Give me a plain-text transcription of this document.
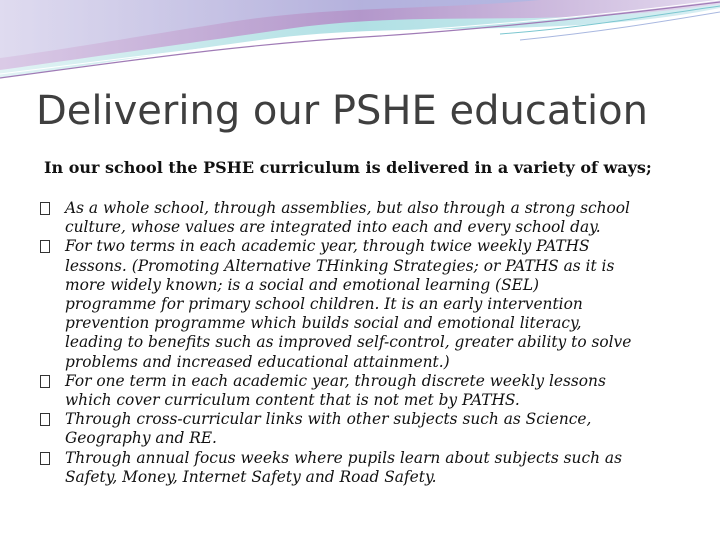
Delivering our PSHE education

In our school the PSHE curriculum is delivered in a variety of ways;

As a whole school, through assemblies, but also through a strong school
culture, whose values are integrated into each and every school day.
For two terms in each academic year, through twice weekly PATHS
lessons. (Promoting Alternative THinking Strategies; or PATHS as it is
more widely known; is a social and emotional learning (SEL)
programme for primary school children. It is an early intervention
prevention programme which builds social and emotional literacy,
leading to benefits such as improved self-control, greater ability to solve
problems and increased educational attainment.)
For one term in each academic year, through discrete weekly lessons
which cover curriculum content that is not met by PATHS.
Through cross-curricular links with other subjects such as Science,
Geography and RE.
Through annual focus weeks where pupils learn about subjects such as
Safety, Money, Internet Safety and Road Safety.
